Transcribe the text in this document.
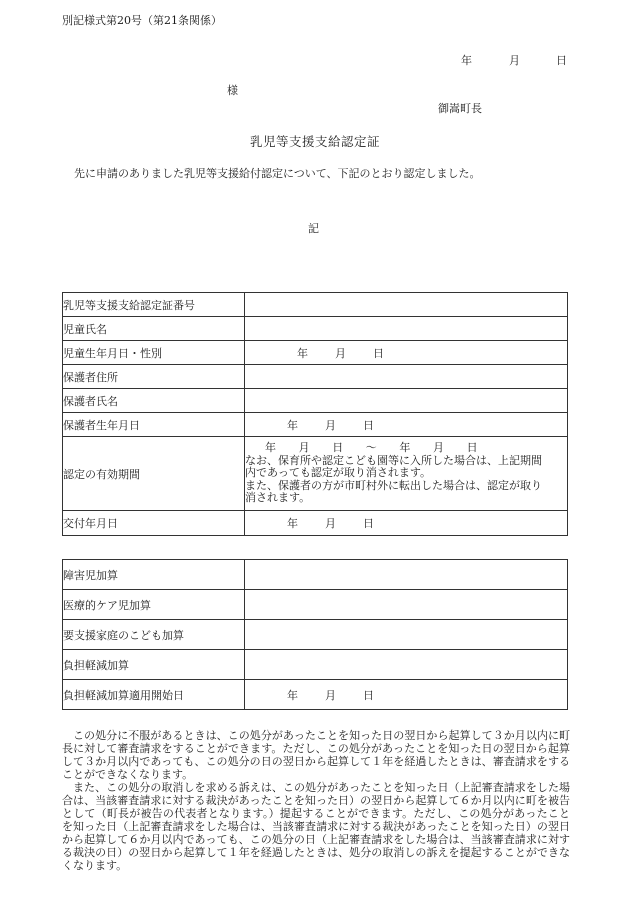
別記様式第20号（第21条関係）
年	月	日
様
御嵩町長
乳児等支援支給認定証
先に申請のありました乳児等支援給付認定について、下記のとおり認定しました。
記
乳児等支援支給認定証番号	
児童氏名	
児童生年月日・性別	年 月 日
保護者住所	
保護者氏名	
保護者生年月日	年 月 日
認定の有効期間	年　　月　　日　　～　　年　　月　　日
なお、保育所や認定こども園等に入所した場合は、上記期間
内であっても認定が取り消されます。
また、保護者の方が市町村外に転出した場合は、認定が取り
消されます。

交付年月日	年 月 日
障害児加算	
医療的ケア児加算	
要支援家庭のこども加算	
負担軽減加算	
負担軽減加算適用開始日	年 月 日

この処分に不服があるときは、この処分があったことを知った日の翌日から起算して３か月以内に町長に対して審査請求をすることができます。ただし、この処分があったことを知った日の翌日から起算して３か月以内であっても、この処分の日の翌日から起算して１年を経過したときは、審査請求をすることができなくなります。

また、この処分の取消しを求める訴えは、この処分があったことを知った日（上記審査請求をした場合は、当該審査請求に対する裁決があったことを知った日）の翌日から起算して６か月以内に町を被告として（町長が被告の代表者となります。）提起することができます。ただし、この処分があったことを知った日（上記審査請求をした場合は、当該審査請求に対する裁決があったことを知った日）の翌日から起算して６か月以内であっても、この処分の日（上記審査請求をした場合は、当該審査請求に対する裁決の日）の翌日から起算して１年を経過したときは、処分の取消しの訴えを提起することができなくなります。
